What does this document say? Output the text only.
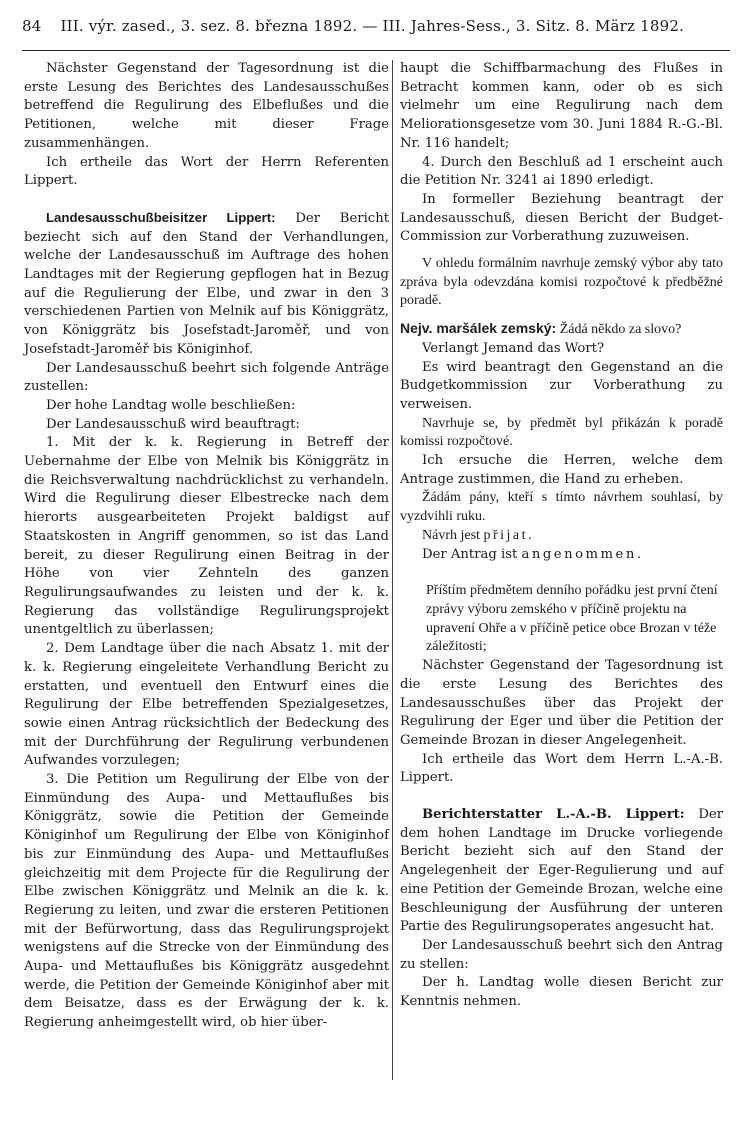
84 III. výr. zased., 3. sez. 8. března 1892. — III. Jahres-Sess., 3. Sitz. 8. März 1892.

Nächster Gegenstand der Tagesordnung ist die erste Lesung des Berichtes des Landesausschußes betreffend die Regulirung des Elbeflußes und die Petitionen, welche mit dieser Frage zusammenhängen.

Ich ertheile das Wort der Herrn Referenten Lippert.

Landesausschußbeisitzer Lippert: Der Bericht beziecht sich auf den Stand der Verhandlungen, welche der Landesausschuß im Auftrage des hohen Landtages mit der Regierung gepflogen hat in Bezug auf die Regulierung der Elbe, und zwar in den 3 verschiedenen Partien von Melnik auf bis Königgrätz, von Königgrätz bis Josefstadt-Jaroměř, und von Josefstadt-Jaroměř bis Königinhof.

Der Landesausschuß beehrt sich folgende Anträge zustellen:

Der hohe Landtag wolle beschließen:

Der Landesausschuß wird beauftragt:

1. Mit der k. k. Regierung in Betreff der Uebernahme der Elbe von Melnik bis Königgrätz in die Reichsverwaltung nachdrücklichst zu verhandeln. Wird die Regulirung dieser Elbestrecke nach dem hierorts ausgearbeiteten Projekt baldigst auf Staatskosten in Angriff genommen, so ist das Land bereit, zu dieser Regulirung einen Beitrag in der Höhe von vier Zehnteln des ganzen Regulirungsaufwandes zu leisten und der k. k. Regierung das vollständige Regulirungsprojekt unentgeltlich zu überlassen;

2. Dem Landtage über die nach Absatz 1. mit der k. k. Regierung eingeleitete Verhandlung Bericht zu erstatten, und eventuell den Entwurf eines die Regulirung der Elbe betreffenden Spezialgesetzes, sowie einen Antrag rücksichtlich der Bedeckung des mit der Durchführung der Regulirung verbundenen Aufwandes vorzulegen;

3. Die Petition um Regulirung der Elbe von der Einmündung des Aupa- und Mettauflußes bis Königgrätz, sowie die Petition der Gemeinde Königinhof um Regulirung der Elbe von Königinhof bis zur Einmündung des Aupa- und Mettauflußes gleichzeitig mit dem Projecte für die Regulirung der Elbe zwischen Königgrätz und Melnik an die k. k. Regierung zu leiten, und zwar die ersteren Petitionen mit der Befürwortung, dass das Regulirungsprojekt wenigstens auf die Strecke von der Einmündung des Aupa- und Mettauflußes bis Königgrätz ausgedehnt werde, die Petition der Gemeinde Königinhof aber mit dem Beisatze, dass es der Erwägung der k. k. Regierung anheimgestellt wird, ob hier über-

haupt die Schiffbarmachung des Flußes in Betracht kommen kann, oder ob es sich vielmehr um eine Regulirung nach dem Meliorationsgesetze vom 30. Juni 1884 R.-G.-Bl. Nr. 116 handelt;

4. Durch den Beschluß ad 1 erscheint auch die Petition Nr. 3241 ai 1890 erledigt.

In formeller Beziehung beantragt der Landesausschuß, diesen Bericht der Budget-Commission zur Vorberathung zuzuweisen.

V ohledu formálním navrhuje zemský výbor aby tato zpráva byla odevzdána komisi rozpočtové k předběžné poradě.

Nejv. maršálek zemský: Žádá někdo za slovo?

Verlangt Jemand das Wort?

Es wird beantragt den Gegenstand an die Budgetkommission zur Vorberathung zu verweisen.

Navrhuje se, by předmět byl přikázán k poradě komissi rozpočtové.

Ich ersuche die Herren, welche dem Antrage zustimmen, die Hand zu erheben.

Žádám pány, kteří s tímto návrhem souhlasí, by vyzdvihli ruku.

Návrh jest přijat.

Der Antrag ist angenommen.

Příštím předmětem denního pořádku jest první čtení zprávy výboru zemského v příčině projektu na upravení Ohře a v příčině petice obce Brozan v téže záležitosti;

Nächster Gegenstand der Tagesordnung ist die erste Lesung des Berichtes des Landesausschußes über das Projekt der Regulirung der Eger und über die Petition der Gemeinde Brozan in dieser Angelegenheit.

Ich ertheile das Wort dem Herrn L.-A.-B. Lippert.

Berichterstatter L.-A.-B. Lippert: Der dem hohen Landtage im Drucke vorliegende Bericht bezieht sich auf den Stand der Angelegenheit der Eger-Regulierung und auf eine Petition der Gemeinde Brozan, welche eine Beschleunigung der Ausführung der unteren Partie des Regulirungsoperates angesucht hat.

Der Landesausschuß beehrt sich den Antrag zu stellen:

Der h. Landtag wolle diesen Bericht zur Kenntnis nehmen.
